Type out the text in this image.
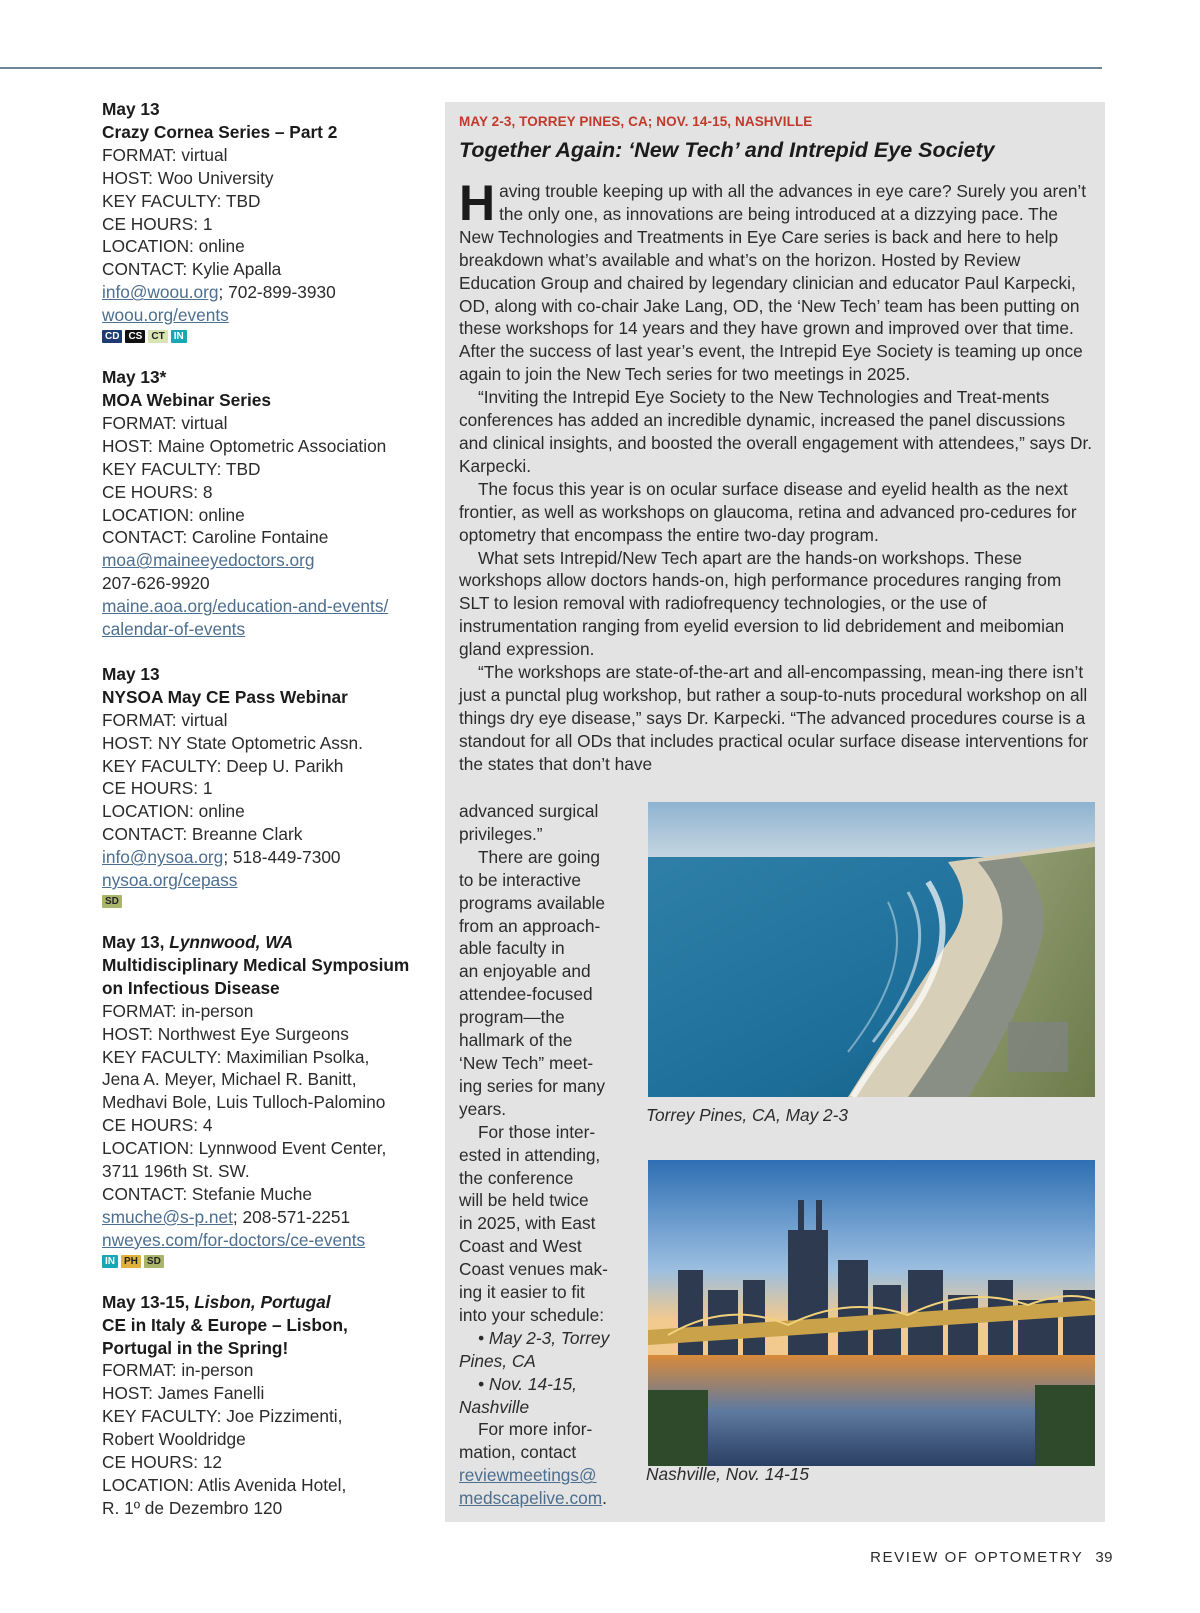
May 13
Crazy Cornea Series – Part 2
FORMAT: virtual
HOST: Woo University
KEY FACULTY: TBD
CE HOURS: 1
LOCATION: online
CONTACT: Kylie Apalla
info@woou.org; 702-899-3930
woou.org/events
CD CS CT IN
May 13*
MOA Webinar Series
FORMAT: virtual
HOST: Maine Optometric Association
KEY FACULTY: TBD
CE HOURS: 8
LOCATION: online
CONTACT: Caroline Fontaine
moa@maineeyedoctors.org
207-626-9920
maine.aoa.org/education-and-events/
calendar-of-events
May 13
NYSOA May CE Pass Webinar
FORMAT: virtual
HOST: NY State Optometric Assn.
KEY FACULTY: Deep U. Parikh
CE HOURS: 1
LOCATION: online
CONTACT: Breanne Clark
info@nysoa.org; 518-449-7300
nysoa.org/cepass
SD
May 13, Lynnwood, WA
Multidisciplinary Medical Symposium
on Infectious Disease
FORMAT: in-person
HOST: Northwest Eye Surgeons
KEY FACULTY: Maximilian Psolka,
Jena A. Meyer, Michael R. Banitt,
Medhavi Bole, Luis Tulloch-Palomino
CE HOURS: 4
LOCATION: Lynnwood Event Center,
3711 196th St. SW.
CONTACT: Stefanie Muche
smuche@s-p.net; 208-571-2251
nweyes.com/for-doctors/ce-events
IN PH SD
May 13-15, Lisbon, Portugal
CE in Italy & Europe – Lisbon,
Portugal in the Spring!
FORMAT: in-person
HOST: James Fanelli
KEY FACULTY: Joe Pizzimenti,
Robert Wooldridge
CE HOURS: 12
LOCATION: Atlis Avenida Hotel,
R. 1º de Dezembro 120
MAY 2-3, TORREY PINES, CA; NOV. 14-15, NASHVILLE
Together Again: ‘New Tech’ and Intrepid Eye Society

Having trouble keeping up with all the advances in eye care? Surely you aren’t the only one, as innovations are being introduced at a dizzying pace. The New Technologies and Treatments in Eye Care series is back and here to help breakdown what’s available and what’s on the horizon. Hosted by Review Education Group and chaired by legendary clinician and educator Paul Karpecki, OD, along with co-chair Jake Lang, OD, the ‘New Tech’ team has been putting on these workshops for 14 years and they have grown and improved over that time. After the success of last year’s event, the Intrepid Eye Society is teaming up once again to join the New Tech series for two meetings in 2025.

“Inviting the Intrepid Eye Society to the New Technologies and Treat-ments conferences has added an incredible dynamic, increased the panel discussions and clinical insights, and boosted the overall engagement with attendees,” says Dr. Karpecki.

The focus this year is on ocular surface disease and eyelid health as the next frontier, as well as workshops on glaucoma, retina and advanced pro-cedures for optometry that encompass the entire two-day program.

What sets Intrepid/New Tech apart are the hands-on workshops. These workshops allow doctors hands-on, high performance procedures ranging from SLT to lesion removal with radiofrequency technologies, or the use of instrumentation ranging from eyelid eversion to lid debridement and meibomian gland expression.

“The workshops are state-of-the-art and all-encompassing, mean-ing there isn’t just a punctal plug workshop, but rather a soup-to-nuts procedural workshop on all things dry eye disease,” says Dr. Karpecki. “The advanced procedures course is a standout for all ODs that includes practical ocular surface disease interventions for the states that don’t have

advanced surgical

privileges.”

There are going

to be interactive

programs available

from an approach-

able faculty in

an enjoyable and

attendee-focused

program—the

hallmark of the

‘New Tech” meet-

ing series for many

years.

For those inter-

ested in attending,

the conference

will be held twice

in 2025, with East

Coast and West

Coast venues mak-

ing it easier to fit

into your schedule:

• May 2-3, Torrey

Pines, CA

• Nov. 14-15,

Nashville

For more infor-

mation, contact

reviewmeetings@

medscapelive.com.

Torrey Pines, CA, May 2-3
Nashville, Nov. 14-15
REVIEW OF OPTOMETRY 39
